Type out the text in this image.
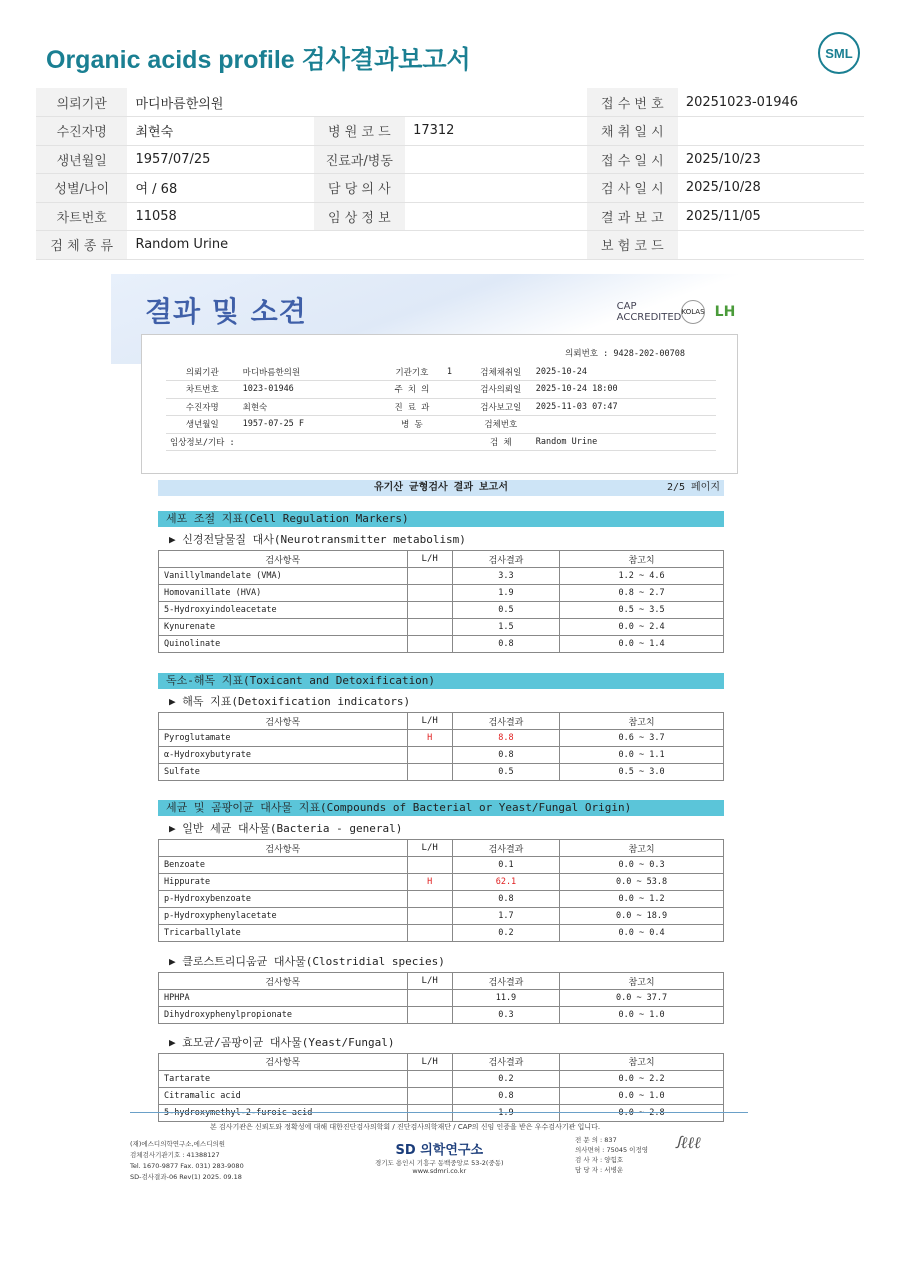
Organic acids profile 검사결과보고서	SML
의뢰기관	마디바름한의원			접 수 번 호	20251023-01946
수진자명	최현숙	병 원 코 드	17312	채 취 일 시	
생년월일	1957/07/25	진료과/병동		접 수 일 시	2025/10/23
성별/나이	여 / 68	담 당 의 사		검 사 일 시	2025/10/28
차트번호	11058	임 상 정 보		결 과 보 고	2025/11/05
검 체 종 류	Random Urine			보 험 코 드	
결과 및 소견	CAP ACCREDITED KOLAS LH
의뢰번호 : 9428-202-00708
의뢰기관	마디바름한의원	기관기호	1	검체채취일	2025-10-24
차트번호	1023-01946	주 치 의		검사의뢰일	2025-10-24 18:00
수진자명	최현숙	진 료 과		검사보고일	2025-11-03 07:47
생년월일	1957-07-25 F	병 동		검체번호	
임상정보/기타 :				검 체	Random Urine
유기산 균형검사 결과 보고서	2/5 페이지
세포 조절 지표(Cell Regulation Markers)
▶ 신경전달물질 대사(Neurotransmitter metabolism)
검사항목	L/H	검사결과	참고치
Vanillylmandelate (VMA)		3.3	1.2 ~ 4.6
Homovanillate (HVA)		1.9	0.8 ~ 2.7
5-Hydroxyindoleacetate		0.5	0.5 ~ 3.5
Kynurenate		1.5	0.0 ~ 2.4
Quinolinate		0.8	0.0 ~ 1.4
독소-해독 지표(Toxicant and Detoxification)
▶ 해독 지표(Detoxification indicators)
검사항목	L/H	검사결과	참고치
Pyroglutamate	H	8.8	0.6 ~ 3.7
α-Hydroxybutyrate		0.8	0.0 ~ 1.1
Sulfate		0.5	0.5 ~ 3.0
세균 및 곰팡이균 대사물 지표(Compounds of Bacterial or Yeast/Fungal Origin)
▶ 일반 세균 대사물(Bacteria - general)
검사항목	L/H	검사결과	참고치
Benzoate		0.1	0.0 ~ 0.3
Hippurate	H	62.1	0.0 ~ 53.8
p-Hydroxybenzoate		0.8	0.0 ~ 1.2
p-Hydroxyphenylacetate		1.7	0.0 ~ 18.9
Tricarballylate		0.2	0.0 ~ 0.4
▶ 클로스트리디움균 대사물(Clostridial species)
검사항목	L/H	검사결과	참고치
HPHPA		11.9	0.0 ~ 37.7
Dihydroxyphenylpropionate		0.3	0.0 ~ 1.0
▶ 효모균/곰팡이균 대사물(Yeast/Fungal)
검사항목	L/H	검사결과	참고치
Tartarate		0.2	0.0 ~ 2.2
Citramalic acid		0.8	0.0 ~ 1.0
5-hydroxymethyl-2-furoic acid		1.9	0.0 ~ 2.8
본 검사기관은 신뢰도와 정확성에 대해 대한진단검사의학회 / 진단검사의학재단 / CAP의 신임 인증을 받은 우수검사기관 입니다.
(재)에스디의학연구소,에스디의원
검체검사기관기호 : 41388127
Tel. 1670-9877 Fax. 031) 283-9080
SD-검사결과-06 Rev(1) 2025. 09.18
SD 의학연구소
경기도 용인시 기흥구 동백중앙로 53-2(중동)
www.sdmri.co.kr
전 문 의 : 837
의사면허 : 75045 이정영
검 사 자 : 양힘호
담 당 자 : 서병운
ꭍℓℓℓ
